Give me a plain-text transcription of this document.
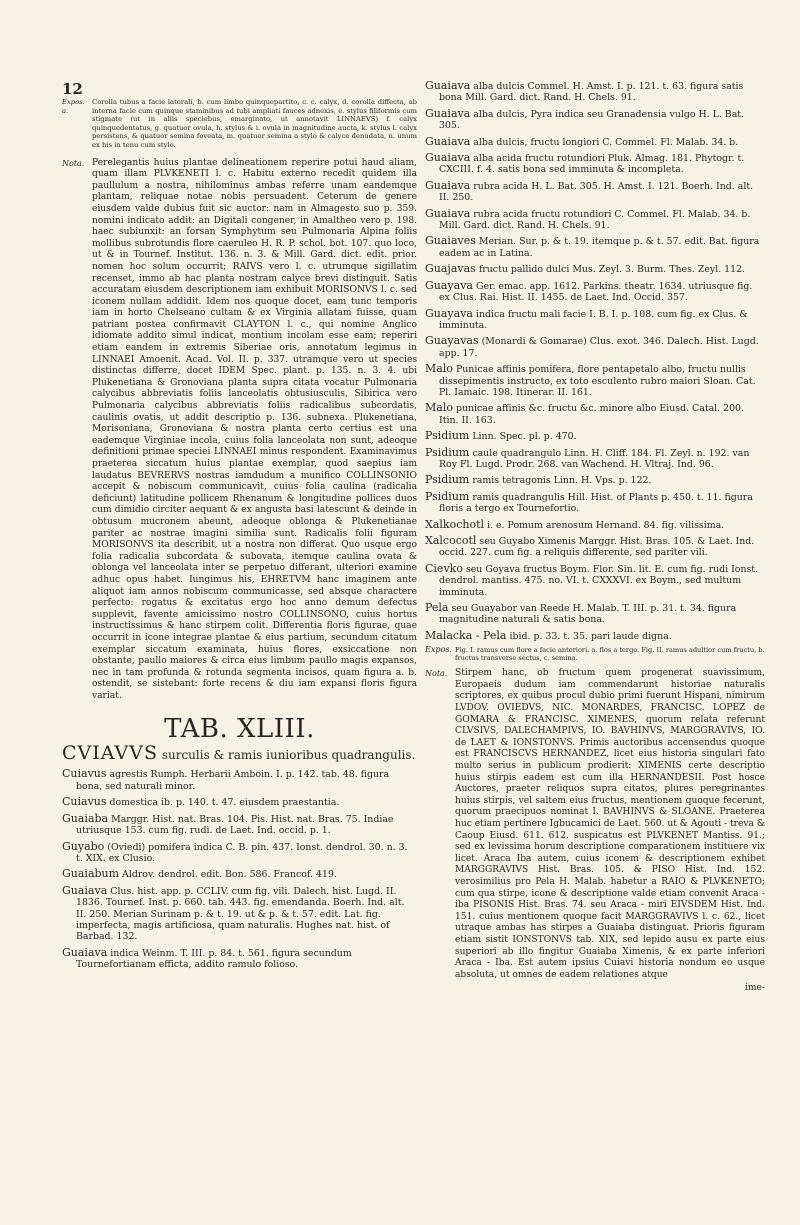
12
Expos. a.
Corolla tubus a facie laterali, b. cum limbo quinquepartito, c. c. calyx, d. corolla diffecta, ab interna facie cum quinque staminibus ad tubi ampliati fauces adnexis, e. stylus filiformis cum stigmate (ut in aliis speciebus, emarginato, ut annotavit LINNAEVS) f. calyx quinquedentatus, g. quatuor ovula, h. stylus & i. ovula in magnitudine aucta, k. stylus l. calyx persistens, & quatuor semina foveata, m. quatuor semina a stylo & calyce denudata, n. unum ex his in tenu cum stylo.
Nota. Perelegantis huius plantae delineationem reperire potui haud aliam, quam illam PLVKENETI l. c. Habitu externo recedit quidem illa paullulum a nostra, nihilominus ambas referre unam eandemque plantam, reliquae notae nobis persuadent. Ceterum de genere eiusdem valde dubius fuit sic auctor: nam in Almagesto suo p. 359. nomini indicato addit: an Digitali congener, in Amaltheo vero p. 198. haec subiunxit: an forsan Symphytum seu Pulmonaria Alpina foliis mollibus subrotundis flore caeruleo H. R. P. schol. bot. 107. quo loco, ut & in Tournef. Institut. 136. n. 3. & Mill. Gard. dict. edit. prior. nomen hoc solum occurrit; RAIVS vero l. c. utrumque sigillatim recenset, immo ab hac planta nostram calyce brevi distinguit. Satis accuratam eiusdem descriptionem iam exhibuit MORISONVS l. c. sed iconem nullam addidit. Idem nos quoque docet, eam tunc temporis iam in horto Chelseano cultam & ex Virginia allatam fuisse, quam patriam postea confirmavit CLAYTON l. c., qui nomine Anglico idiomate addito simul indicat, montium incolam esse eam; reperiri etiam eandem in extremis Siberiae oris, annotatum legimus in LINNAEI Amoenit. Acad. Vol. II. p. 337. utramque vero ut species distinctas differre, docet IDEM Spec. plant. p. 135. n. 3. 4. ubi Plukenetiana & Gronoviana planta supra citata vocatur Pulmonaria calycibus abbreviatis foliis lanceolatis obtusiusculis, Sibirica vero Pulmonaria calycibus abbreviatis foliis radicalibus subcordatis, caulinis ovatis, ut addit descriptio p. 136. subnexa. Plukenetiana, Morisoniana, Gronoviana & nostra planta certo certius est una eademque Virginiae incola, cuius folia lanceolata non sunt, adeoque definitioni primae speciei LINNAEI minus respondent. Examinavimus praeterea siccatum huius plantae exemplar, quod saepius iam laudatus BEVRERVS nostras iamdudum a munifico COLLINSONIO accepit & nobiscum communicavit, cuius folia caulina (radicalia deficiunt) latitudine pollicem Rhenanum & longitudine pollices duos cum dimidio circiter aequant & ex angusta basi latescunt & deinde in obtusum mucronem abeunt, adeoque oblonga & Plukenetianae pariter ac nostrae imagini similia sunt. Radicalis folii figuram MORISONVS ita describit, ut a nostra non differat. Quo usque ergo folia radicalia subcordata & subovata, itemque caulina ovata & oblonga vel lanceolata inter se perpetuo differant, ulteriori examine adhuc opus habet. Iungimus his, EHRETVM hanc imaginem ante aliquot iam annos nobiscum communicasse, sed absque charactere perfecto: rogatus & excitatus ergo hoc anno demum defectus supplevit, favente amicissimo nostro COLLINSONO, cuius hortus instructissimus & hanc stirpem colit. Differentia floris figurae, quae occurrit in icone integrae plantae & eius partium, secundum citatum exemplar siccatum examinata, huius flores, exsiccatione non obstante, paullo maiores & circa eius limbum paullo magis expansos, nec in tam profunda & rotunda segmenta incisos, quam figura a. b. ostendit, se sistebant: forte recens & diu iam expansi floris figura variat.

TAB. XLIII.
CVIAVVS surculis & ramis iunioribus quadrangulis.
Cuiavus agrestis Rumph. Herbarii Amboin. I. p. 142. tab. 48. figura bona, sed naturali minor.
Cuiavus domestica ib. p. 140. t. 47. eiusdem praestantia.
Guaiaba Marggr. Hist. nat. Bras. 104. Pis. Hist. nat. Bras. 75. Indiae utriusque 153. cum fig. rudi. de Laet. Ind. occid. p. 1.
Guyabo (Oviedi) pomifera indica C. B. pin. 437. Ionst. dendrol. 30. n. 3. t. XIX. ex Clusio.
Guaiabum Aldrov. dendrol. edit. Bon. 586. Francof. 419.
Guaiava Clus. hist. app. p. CCLIV. cum fig. vili. Dalech. hist. Lugd. II. 1836. Tournef. Inst. p. 660. tab. 443. fig. emendanda. Boerh. Ind. alt. II. 250. Merian Surinam p. & t. 19. ut & p. & t. 57. edit. Lat. fig. imperfecta, magis artificiosa, quam naturalis. Hughes nat. hist. of Barbad. 132.
Guaiava indica Weinm. T. III. p. 84. t. 561. figura secundum Tournefortianam efficta, addito ramulo folioso.
Guaiava alba dulcis Commel. H. Amst. I. p. 121. t. 63. figura satis bona Mill. Gard. dict. Rand. H. Chels. 91.
Guaiava alba dulcis, Pyra indica seu Granadensia vulgo H. L. Bat. 305.
Guaiava alba dulcis, fructu longiori C. Commel. Fl. Malab. 34. b.
Guaiava alba acida fructu rotundiori Pluk. Almag. 181. Phytogr. t. CXCIII. f. 4. satis bona sed imminuta & incompleta.
Guaiava rubra acida H. L. Bat. 305. H. Amst. I. 121. Boerh. Ind. alt. II. 250.
Guaiava rubra acida fructu rotundiori C. Commel. Fl. Malab. 34. b. Mill. Gard. dict. Rand. H. Chels. 91.
Guaiaves Merian. Sur. p. & t. 19. itemque p. & t. 57. edit. Bat. figura eadem ac in Latina.
Guajavas fructu pallido dulci Mus. Zeyl. 3. Burm. Thes. Zeyl. 112.
Guayava Ger. emac. app. 1612. Parkins. theatr. 1634. utriusque fig. ex Clus. Rai. Hist. II. 1455. de Laet. Ind. Occid. 357.
Guayava indica fructu mali facie I. B. I. p. 108. cum fig. ex Clus. & imminuta.
Guayavas (Monardi & Gomarae) Clus. exot. 346. Dalech. Hist. Lugd. app. 17.
Malo Punicae affinis pomifera, flore pentapetalo albo, fructu nullis dissepimentis instructo, ex toto esculento rubro maiori Sloan. Cat. Pl. Iamaic. 198. Itinerar. II. 161.
Malo punicae affinis &c. fructu &c. minore albo Eiusd. Catal. 200. Itin. II. 163.
Psidium Linn. Spec. pl. p. 470.
Psidium caule quadrangulo Linn. H. Cliff. 184. Fl. Zeyl. n. 192. van Roy Fl. Lugd. Prodr. 268. van Wachend. H. Vltraj. Ind. 96.
Psidium ramis tetragonis Linn. H. Vps. p. 122.
Psidium ramis quadrangulis Hill. Hist. of Plants p. 450. t. 11. figura floris a tergo ex Tournefortio.
Xalkochotl i. e. Pomum arenosum Hernand. 84. fig. vilissima.
Xalcocotl seu Guyabo Ximenis Marggr. Hist. Bras. 105. & Laet. Ind. occid. 227. cum fig. a reliquis differente, sed pariter vili.
Cievko seu Goyava fructus Boym. Flor. Sin. lit. E. cum fig. rudi Ionst. dendrol. mantiss. 475. no. VI. t. CXXXVI. ex Boym., sed multum imminuta.
Pela seu Guayabor van Reede H. Malab. T. III. p. 31. t. 34. figura magnitudine naturali & satis bona.
Malacka - Pela ibid. p. 33. t. 35. pari laude digna.
Expos. Fig. I. ramus cum flore a facie anteriori. a. flos a tergo. Fig. II. ramus adultior cum fructu, b. fructus transverse sectus, c. semina.
Nota. Stirpem hanc, ob fructum quem progenerat suavissimum, Europaeis dudum iam commendarunt historiae naturalis scriptores, ex quibus procul dubio primi fuerunt Hispani, nimirum LVDOV. OVIEDVS, NIC. MONARDES, FRANCISC. LOPEZ de GOMARA & FRANCISC. XIMENES, quorum relata referunt CLVSIVS, DALECHAMPIVS, IO. BAVHINVS, MARGGRAVIVS, IO. de LAET & IONSTONVS. Primis auctoribus accensendus quoque est FRANCISCVS HERNANDEZ, licet eius historia singulari fato multo serius in publicum prodierit: XIMENIS certe descriptio huius stirpis eadem est cum illa HERNANDESII. Post hosce Auctores, praeter reliquos supra citatos, plures peregrinantes huius stirpis, vel saltem eius fructus, mentionem quoque fecerunt, quorum praecipuos nominat I. BAVHINVS & SLOANE. Praeterea huc etiam pertinere Igbucamici de Laet. 560. ut & Agouti - treva & Caoup Eiusd. 611. 612. suspicatus est PLVKENET Mantiss. 91.; sed ex levissima horum descriptione comparationem instituere vix licet. Araca Iba autem, cuius iconem & descriptionem exhibet MARGGRAVIVS Hist. Bras. 105. & PISO Hist. Ind. 152. verosimilius pro Pela H. Malab. habetur a RAIO & PLVKENETO; cum qua stirpe, icone & descriptione valde etiam convenit Araca - iba PISONIS Hist. Bras. 74. seu Araca - miri EIVSDEM Hist. Ind. 151. cuius mentionem quoque facit MARGGRAVIVS l. c. 62., licet utraque ambas has stirpes a Guaiaba distinguat. Prioris figuram etiam sistit IONSTONVS tab. XIX, sed lepido ausu ex parte eius superiori ab illo fingitur Guaiaba Ximenis, & ex parte inferiori Araca - Iba. Est autem ipsius Cuiavi historia nondum eo usque absoluta, ut omnes de eadem relationes atque

ime-
